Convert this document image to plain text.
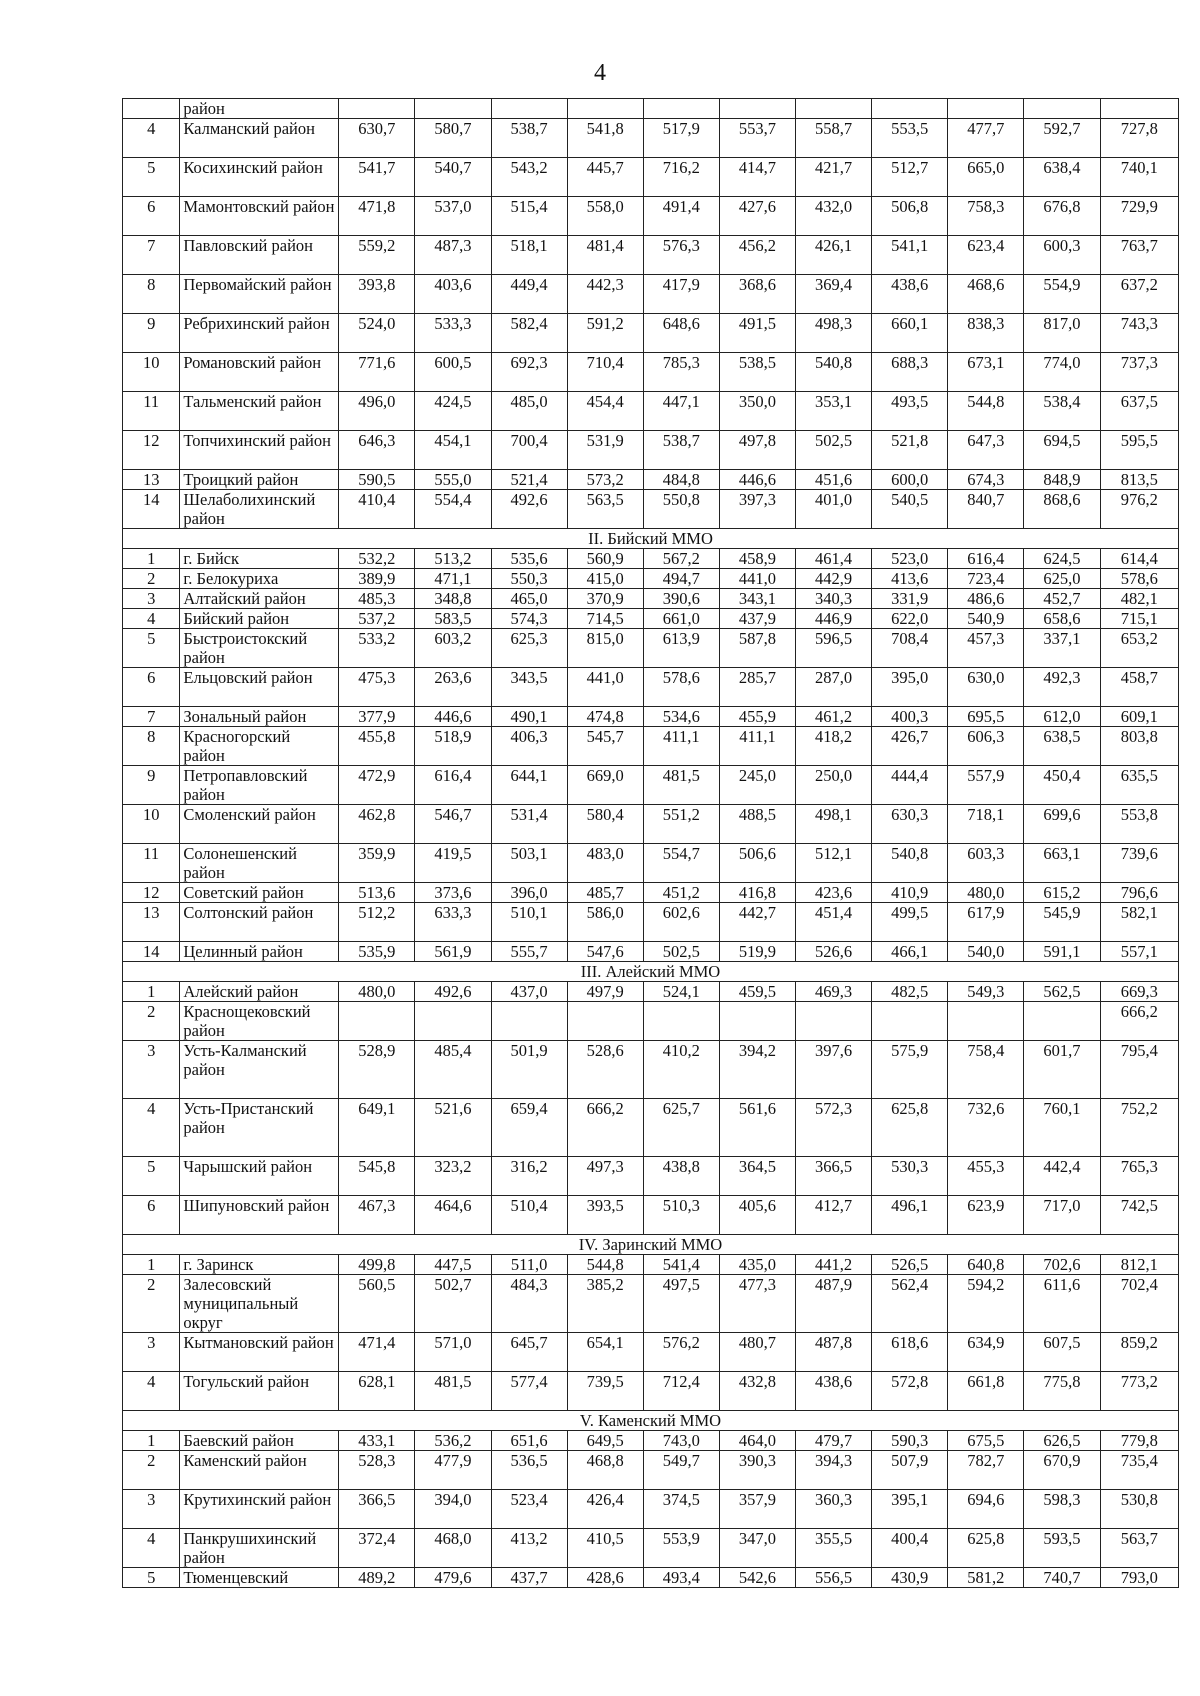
4
	район											
4	Калманский район	630,7	580,7	538,7	541,8	517,9	553,7	558,7	553,5	477,7	592,7	727,8
5	Косихинский район	541,7	540,7	543,2	445,7	716,2	414,7	421,7	512,7	665,0	638,4	740,1
6	Мамонтовский район	471,8	537,0	515,4	558,0	491,4	427,6	432,0	506,8	758,3	676,8	729,9
7	Павловский район	559,2	487,3	518,1	481,4	576,3	456,2	426,1	541,1	623,4	600,3	763,7
8	Первомайский район	393,8	403,6	449,4	442,3	417,9	368,6	369,4	438,6	468,6	554,9	637,2
9	Ребрихинский район	524,0	533,3	582,4	591,2	648,6	491,5	498,3	660,1	838,3	817,0	743,3
10	Романовский район	771,6	600,5	692,3	710,4	785,3	538,5	540,8	688,3	673,1	774,0	737,3
11	Тальменский район	496,0	424,5	485,0	454,4	447,1	350,0	353,1	493,5	544,8	538,4	637,5
12	Топчихинский район	646,3	454,1	700,4	531,9	538,7	497,8	502,5	521,8	647,3	694,5	595,5
13	Троицкий район	590,5	555,0	521,4	573,2	484,8	446,6	451,6	600,0	674,3	848,9	813,5
14	Шелаболихинский район	410,4	554,4	492,6	563,5	550,8	397,3	401,0	540,5	840,7	868,6	976,2
II. Бийский ММО												
1	г. Бийск	532,2	513,2	535,6	560,9	567,2	458,9	461,4	523,0	616,4	624,5	614,4
2	г. Белокуриха	389,9	471,1	550,3	415,0	494,7	441,0	442,9	413,6	723,4	625,0	578,6
3	Алтайский район	485,3	348,8	465,0	370,9	390,6	343,1	340,3	331,9	486,6	452,7	482,1
4	Бийский район	537,2	583,5	574,3	714,5	661,0	437,9	446,9	622,0	540,9	658,6	715,1
5	Быстроистокский район	533,2	603,2	625,3	815,0	613,9	587,8	596,5	708,4	457,3	337,1	653,2
6	Ельцовский район	475,3	263,6	343,5	441,0	578,6	285,7	287,0	395,0	630,0	492,3	458,7
7	Зональный район	377,9	446,6	490,1	474,8	534,6	455,9	461,2	400,3	695,5	612,0	609,1
8	Красногорский район	455,8	518,9	406,3	545,7	411,1	411,1	418,2	426,7	606,3	638,5	803,8
9	Петропавловский район	472,9	616,4	644,1	669,0	481,5	245,0	250,0	444,4	557,9	450,4	635,5
10	Смоленский район	462,8	546,7	531,4	580,4	551,2	488,5	498,1	630,3	718,1	699,6	553,8
11	Солонешенский район	359,9	419,5	503,1	483,0	554,7	506,6	512,1	540,8	603,3	663,1	739,6
12	Советский район	513,6	373,6	396,0	485,7	451,2	416,8	423,6	410,9	480,0	615,2	796,6
13	Солтонский район	512,2	633,3	510,1	586,0	602,6	442,7	451,4	499,5	617,9	545,9	582,1
14	Целинный район	535,9	561,9	555,7	547,6	502,5	519,9	526,6	466,1	540,0	591,1	557,1
III. Алейский ММО												
1	Алейский район	480,0	492,6	437,0	497,9	524,1	459,5	469,3	482,5	549,3	562,5	669,3
2	Краснощековский район											666,2
3	Усть-Калманский район	528,9	485,4	501,9	528,6	410,2	394,2	397,6	575,9	758,4	601,7	795,4
4	Усть-Пристанский район	649,1	521,6	659,4	666,2	625,7	561,6	572,3	625,8	732,6	760,1	752,2
5	Чарышский район	545,8	323,2	316,2	497,3	438,8	364,5	366,5	530,3	455,3	442,4	765,3
6	Шипуновский район	467,3	464,6	510,4	393,5	510,3	405,6	412,7	496,1	623,9	717,0	742,5
IV. Заринский ММО												
1	г. Заринск	499,8	447,5	511,0	544,8	541,4	435,0	441,2	526,5	640,8	702,6	812,1
2	Залесовский муниципальный округ	560,5	502,7	484,3	385,2	497,5	477,3	487,9	562,4	594,2	611,6	702,4
3	Кытмановский район	471,4	571,0	645,7	654,1	576,2	480,7	487,8	618,6	634,9	607,5	859,2
4	Тогульский район	628,1	481,5	577,4	739,5	712,4	432,8	438,6	572,8	661,8	775,8	773,2
V. Каменский ММО												
1	Баевский район	433,1	536,2	651,6	649,5	743,0	464,0	479,7	590,3	675,5	626,5	779,8
2	Каменский район	528,3	477,9	536,5	468,8	549,7	390,3	394,3	507,9	782,7	670,9	735,4
3	Крутихинский район	366,5	394,0	523,4	426,4	374,5	357,9	360,3	395,1	694,6	598,3	530,8
4	Панкрушихинский район	372,4	468,0	413,2	410,5	553,9	347,0	355,5	400,4	625,8	593,5	563,7
5	Тюменцевский	489,2	479,6	437,7	428,6	493,4	542,6	556,5	430,9	581,2	740,7	793,0
